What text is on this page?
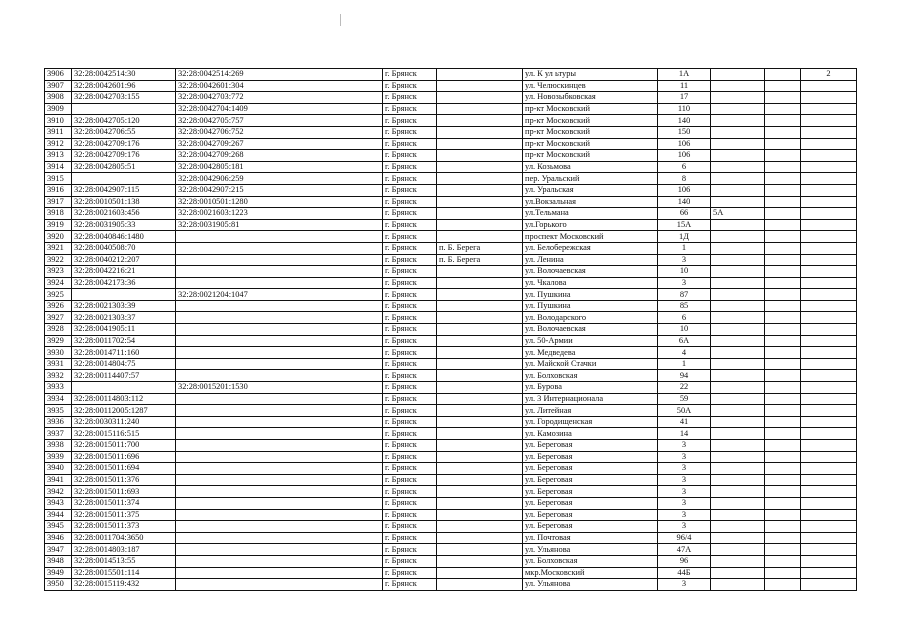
3906	32:28:0042514:30	32:28:0042514:269	г. Брянск		ул. К ул ьтуры	1А			2
3907	32:28:0042601:96	32:28:0042601:304	г. Брянск		ул. Челюскинцев	11			
3908	32:28:0042703:155	32:28:0042703:772	г. Брянск		ул. Новозыбковская	17			
3909		32:28:0042704:1409	г. Брянск		пр-кт Московский	110			
3910	32:28:0042705:120	32:28:0042705:757	г. Брянск		пр-кт Московский	140			
3911	32:28:0042706:55	32:28:0042706:752	г. Брянск		пр-кт Московский	150			
3912	32:28:0042709:176	32:28:0042709:267	г. Брянск		пр-кт Московский	106			
3913	32:28:0042709:176	32:28:0042709:268	г. Брянск		пр-кт Московский	106			
3914	32:28:0042805:51	32:28:0042805:181	г. Брянск		ул. Козьмова	6			
3915		32:28:0042906:259	г. Брянск		пер. Уральский	8			
3916	32:28:0042907:115	32:28:0042907:215	г. Брянск		ул. Уральская	106			
3917	32:28:0010501:138	32:28:0010501:1280	г. Брянск		ул.Вокзальная	140			
3918	32:28:0021603:456	32:28:0021603:1223	г. Брянск		ул.Тельмана	66	5А		
3919	32:28:0031905:33	32:28:0031905:81	г. Брянск		ул.Горького	15А			
3920	32:28:0040846:1480		г. Брянск		проспект Московский	1Д			
3921	32:28:0040508:70		г. Брянск	п. Б. Берега	ул. Белобережская	1			
3922	32:28:0040212:207		г. Брянск	п. Б. Берега	ул. Ленина	3			
3923	32:28:0042216:21		г. Брянск		ул. Волочаевская	10			
3924	32:28:0042173:36		г. Брянск		ул. Чкалова	3			
3925		32:28:0021204:1047	г. Брянск		ул. Пушкина	87			
3926	32:28:0021303:39		г. Брянск		ул. Пушкина	85			
3927	32:28:0021303:37		г. Брянск		ул. Володарского	6			
3928	32:28:0041905:11		г. Брянск		ул. Волочаевская	10			
3929	32:28:0011702:54		г. Брянск		ул. 50-Армии	6А			
3930	32:28:0014711:160		г. Брянск		ул. Медведева	4			
3931	32:28:0014804:75		г. Брянск		ул. Майской Стачки	1			
3932	32:28:00114407:57		г. Брянск		ул. Болховская	94			
3933		32:28:0015201:1530	г. Брянск		ул. Бурова	22			
3934	32:28:00114803:112		г. Брянск		ул. 3 Интернационала	59			
3935	32:28:00112005:1287		г. Брянск		ул. Литейная	50А			
3936	32:28:0030311:240		г. Брянск		ул. Городищенская	41			
3937	32:28:0015116:515		г. Брянск		ул. Камозина	14			
3938	32:28:0015011:700		г. Брянск		ул. Береговая	3			
3939	32:28:0015011:696		г. Брянск		ул. Береговая	3			
3940	32:28:0015011:694		г. Брянск		ул. Береговая	3			
3941	32:28:0015011:376		г. Брянск		ул. Береговая	3			
3942	32:28:0015011:693		г. Брянск		ул. Береговая	3			
3943	32:28:0015011:374		г. Брянск		ул. Береговая	3			
3944	32:28:0015011:375		г. Брянск		ул. Береговая	3			
3945	32:28:0015011:373		г. Брянск		ул. Береговая	3			
3946	32:28:0011704:3650		г. Брянск		ул. Почтовая	96/4			
3947	32:28:0014803:187		г. Брянск		ул. Ульянова	47А			
3948	32:28:0014513:55		г. Брянск		ул. Болховская	96			
3949	32:28:0015501:114		г. Брянск		мкр.Московский	44Б			
3950	32:28:0015119:432		г. Брянск		ул. Ульянова	3			
